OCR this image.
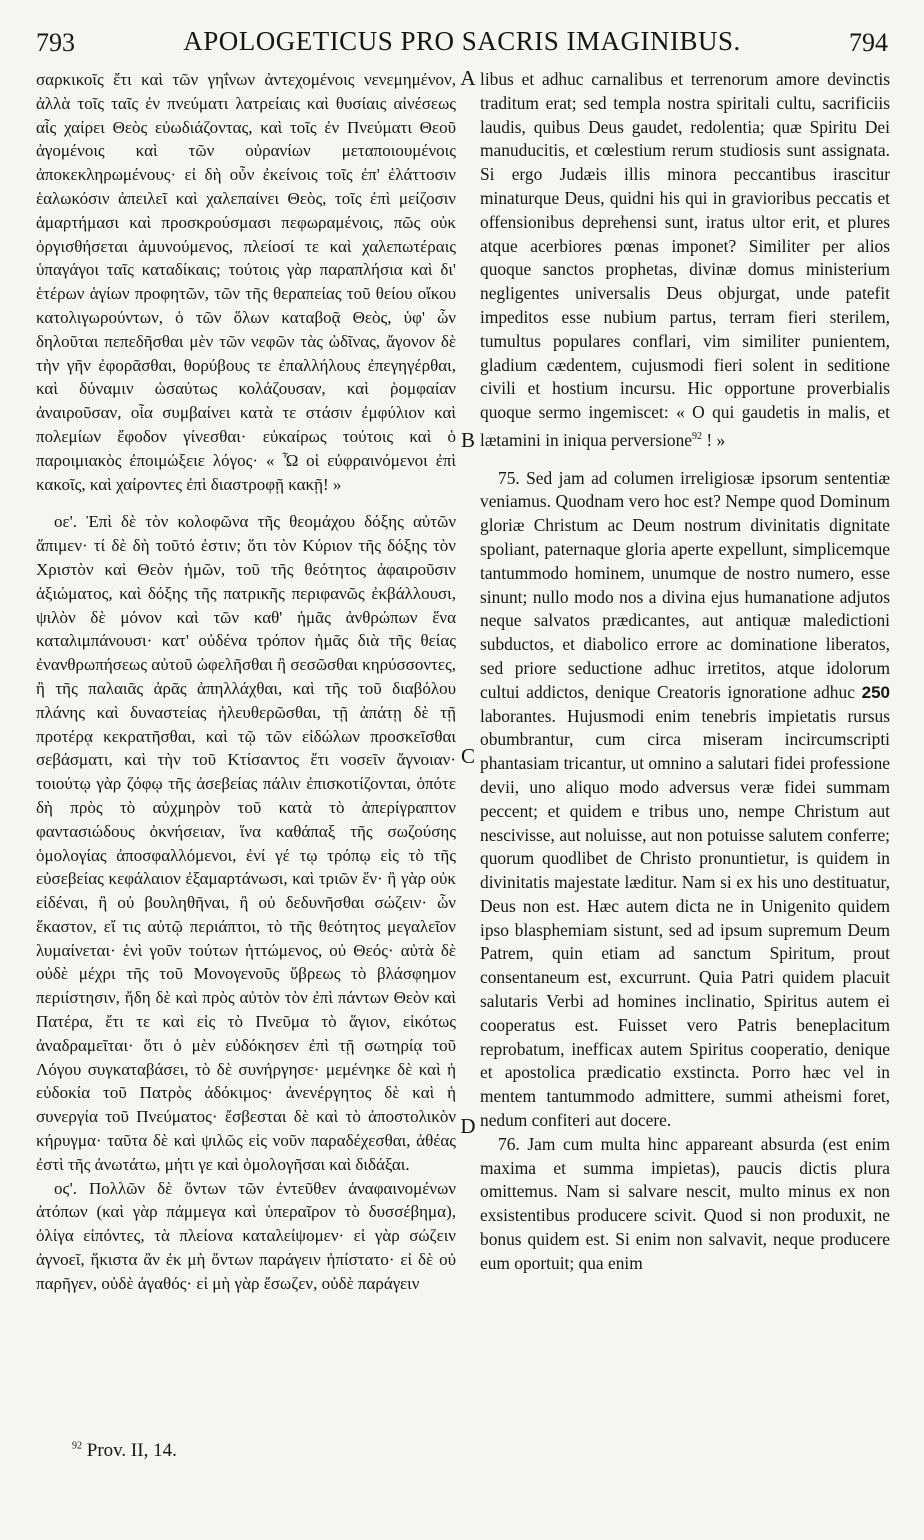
793	APOLOGETICUS PRO SACRIS IMAGINIBUS.	794

σαρκικοῖς ἔτι καὶ τῶν γηΐνων ἀντεχομένοις νενεμημένον, ἀλλὰ τοῖς ταῖς ἐν πνεύματι λατρείαις καὶ θυσίαις αἰνέσεως αἷς χαίρει Θεὸς εὐωδιάζοντας, καὶ τοῖς ἐν Πνεύματι Θεοῦ ἀγομένοις καὶ τῶν οὐρανίων μεταποιουμένοις ἀποκεκληρωμένους· εἰ δὴ οὖν ἐκείνοις τοῖς ἐπ' ἐλάττοσιν ἑαλωκόσιν ἀπειλεῖ καὶ χαλεπαίνει Θεὸς, τοῖς ἐπὶ μείζοσιν ἁμαρτήμασι καὶ προσκρούσμασι πεφωραμένοις, πῶς οὐκ ὀργισθήσεται ἀμυνούμενος, πλείοσί τε καὶ χαλεπωτέραις ὑπαγάγοι ταῖς καταδίκαις; τούτοις γὰρ παραπλήσια καὶ δι' ἑτέρων ἁγίων προφητῶν, τῶν τῆς θεραπείας τοῦ θείου οἴκου κατολιγωρούντων, ὁ τῶν ὅλων καταβοᾷ Θεὸς, ὑφ' ὧν δηλοῦται πεπεδῆσθαι μὲν τῶν νεφῶν τὰς ὠδῖνας, ἄγονον δὲ τὴν γῆν ἐφορᾶσθαι, θορύβους τε ἐπαλλήλους ἐπεγηγέρθαι, καὶ δύναμιν ὡσαύτως κολάζουσαν, καὶ ῥομφαίαν ἀναιροῦσαν, οἷα συμβαίνει κατὰ τε στάσιν ἐμφύλιον καὶ πολεμίων ἔφοδον γίνεσθαι· εὐκαίρως τούτοις καὶ ὁ παροιμιακὸς ἐποιμώξειε λόγος· « Ὦ οἱ εὐφραινόμενοι ἐπὶ κακοῖς, καὶ χαίροντες ἐπὶ διαστροφῇ κακῇ! »

οε'. Ἐπὶ δὲ τὸν κολοφῶνα τῆς θεομάχου δόξης αὐτῶν ἄπιμεν· τί δὲ δὴ τοῦτό ἐστιν; ὅτι τὸν Κύριον τῆς δόξης τὸν Χριστὸν καὶ Θεὸν ἡμῶν, τοῦ τῆς θεότητος ἀφαιροῦσιν ἀξιώματος, καὶ δόξης τῆς πατρικῆς περιφανῶς ἐκβάλλουσι, ψιλὸν δὲ μόνον καὶ τῶν καθ' ἡμᾶς ἀνθρώπων ἕνα καταλιμπάνουσι· κατ' οὐδένα τρόπον ἡμᾶς διὰ τῆς θείας ἐνανθρωπήσεως αὐτοῦ ὠφελῆσθαι ἢ σεσῶσθαι κηρύσσοντες, ἢ τῆς παλαιᾶς ἀρᾶς ἀπηλλάχθαι, καὶ τῆς τοῦ διαβόλου πλάνης καὶ δυναστείας ἠλευθερῶσθαι, τῇ ἀπάτῃ δὲ τῇ προτέρᾳ κεκρατῆσθαι, καὶ τῷ τῶν εἰδώλων προσκεῖσθαι σεβάσματι, καὶ τὴν τοῦ Κτίσαντος ἔτι νοσεῖν ἄγνοιαν· τοιούτῳ γὰρ ζόφῳ τῆς ἀσεβείας πάλιν ἐπισκοτίζονται, ὁπότε δὴ πρὸς τὸ αὐχμηρὸν τοῦ κατὰ τὸ ἀπερίγραπτον φαντασιώδους ὀκνήσειαν, ἵνα καθάπαξ τῆς σωζούσης ὁμολογίας ἀποσφαλλόμενοι, ἐνί γέ τῳ τρόπῳ εἰς τὸ τῆς εὐσεβείας κεφάλαιον ἐξαμαρτάνωσι, καὶ τριῶν ἕν· ἢ γὰρ οὐκ εἰδέναι, ἢ οὐ βουληθῆναι, ἢ οὐ δεδυνῆσθαι σώζειν· ὧν ἕκαστον, εἴ τις αὐτῷ περιάπτοι, τὸ τῆς θεότητος μεγαλεῖον λυμαίνεται· ἑνὶ γοῦν τούτων ἡττώμενος, οὐ Θεός· αὐτὰ δὲ οὐδὲ μέχρι τῆς τοῦ Μονογενοῦς ὕβρεως τὸ βλάσφημον περιίστησιν, ἤδη δὲ καὶ πρὸς αὐτὸν τὸν ἐπὶ πάντων Θεὸν καὶ Πατέρα, ἔτι τε καὶ εἰς τὸ Πνεῦμα τὸ ἅγιον, εἰκότως ἀναδραμεῖται· ὅτι ὁ μὲν εὐδόκησεν ἐπὶ τῇ σωτηρίᾳ τοῦ Λόγου συγκαταβάσει, τὸ δὲ συνήργησε· μεμένηκε δὲ καὶ ἡ εὐδοκία τοῦ Πατρὸς ἀδόκιμος· ἀνενέργητος δὲ καὶ ἡ συνεργία τοῦ Πνεύματος· ἔσβεσται δὲ καὶ τὸ ἀποστολικὸν κήρυγμα· ταῦτα δὲ καὶ ψιλῶς εἰς νοῦν παραδέχεσθαι, ἀθέας ἐστὶ τῆς ἀνωτάτω, μήτι γε καὶ ὁμολογῆσαι καὶ διδάξαι.

οϛ'. Πολλῶν δὲ ὄντων τῶν ἐντεῦθεν ἀναφαινομένων ἀτόπων (καὶ γὰρ πάμμεγα καὶ ὑπεραῖρον τὸ δυσσέβημα), ὀλίγα εἰπόντες, τὰ πλείονα καταλείψομεν· εἰ γὰρ σώζειν ἀγνοεῖ, ἥκιστα ἂν ἐκ μὴ ὄντων παράγειν ἠπίστατο· εἰ δὲ οὐ παρῆγεν, οὐδὲ ἀγαθός· εἰ μὴ γὰρ ἔσωζεν, οὐδὲ παράγειν

A
B
C
D

libus et adhuc carnalibus et terrenorum amore devinctis traditum erat; sed templa nostra spiritali cultu, sacrificiis laudis, quibus Deus gaudet, redolentia; quæ Spiritu Dei manuducitis, et cœlestium rerum studiosis sunt assignata. Si ergo Judæis illis minora peccantibus irascitur minaturque Deus, quidni his qui in gravioribus peccatis et offensionibus deprehensi sunt, iratus ultor erit, et plures atque acerbiores pœnas imponet? Similiter per alios quoque sanctos prophetas, divinæ domus ministerium negligentes universalis Deus objurgat, unde patefit impeditos esse nubium partus, terram fieri sterilem, tumultus populares conflari, vim similiter punientem, gladium cædentem, cujusmodi fieri solent in seditione civili et hostium incursu. Hic opportune proverbialis quoque sermo ingemiscet: « O qui gaudetis in malis, et lætamini in iniqua perversione$^{92}$ ! »

75. Sed jam ad columen irreligiosæ ipsorum sententiæ veniamus. Quodnam vero hoc est? Nempe quod Dominum gloriæ Christum ac Deum nostrum divinitatis dignitate spoliant, paternaque gloria aperte expellunt, simplicemque tantummodo hominem, unumque de nostro numero, esse sinunt; nullo modo nos a divina ejus humanatione adjutos neque salvatos prædicantes, aut antiquæ maledictioni subductos, et diabolico errore ac dominatione liberatos, sed priore seductione adhuc irretitos, atque idolorum cultui addictos, denique Creatoris ignoratione adhuc 250 laborantes. Hujusmodi enim tenebris impietatis rursus obumbrantur, cum circa miseram incircumscripti phantasiam tricantur, ut omnino a salutari fidei professione devii, uno aliquo modo adversus veræ fidei summam peccent; et quidem e tribus uno, nempe Christum aut nescivisse, aut noluisse, aut non potuisse salutem conferre; quorum quodlibet de Christo pronuntietur, is quidem in divinitatis majestate læditur. Nam si ex his uno destituatur, Deus non est. Hæc autem dicta ne in Unigenito quidem ipso blasphemiam sistunt, sed ad ipsum supremum Deum Patrem, quin etiam ad sanctum Spiritum, prout consentaneum est, excurrunt. Quia Patri quidem placuit salutaris Verbi ad homines inclinatio, Spiritus autem ei cooperatus est. Fuisset vero Patris beneplacitum reprobatum, inefficax autem Spiritus cooperatio, denique et apostolica prædicatio exstincta. Porro hæc vel in mentem tantummodo admittere, summi atheismi foret, nedum confiteri aut docere.

76. Jam cum multa hinc appareant absurda (est enim maxima et summa impietas), paucis dictis plura omittemus. Nam si salvare nescit, multo minus ex non exsistentibus producere scivit. Quod si non produxit, ne bonus quidem est. Si enim non salvavit, neque producere eum oportuit; qua enim

$^{92}$ Prov. II, 14.
